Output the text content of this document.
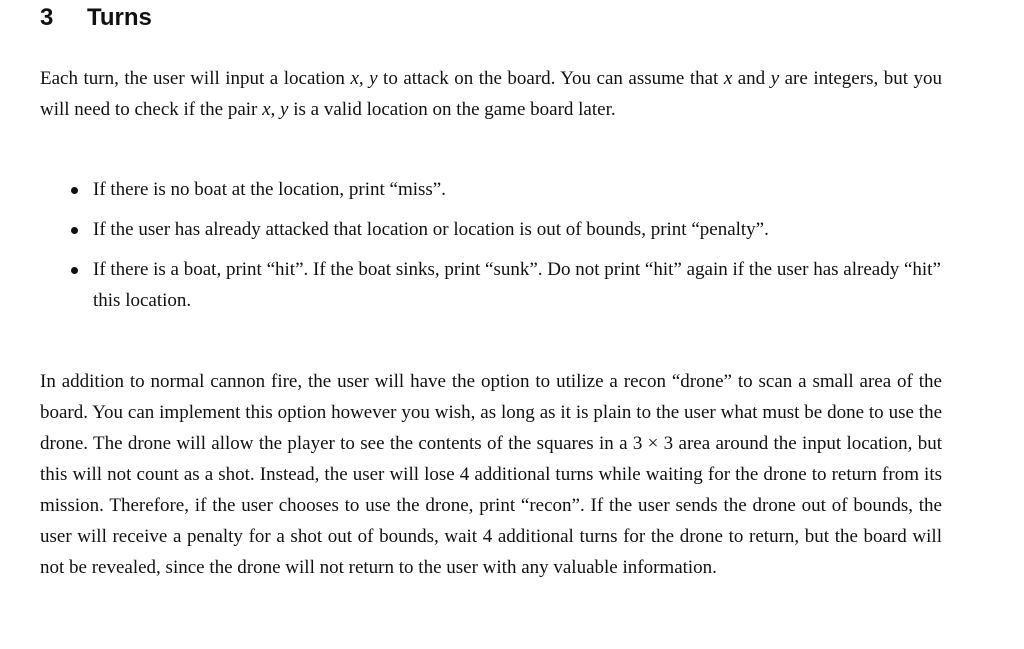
3 Turns

Each turn, the user will input a location x, y to attack on the board. You can assume that x and y are integers, but you will need to check if the pair x, y is a valid location on the game board later.

If there is no boat at the location, print “miss”.
If the user has already attacked that location or location is out of bounds, print “penalty”.
If there is a boat, print “hit”. If the boat sinks, print “sunk”. Do not print “hit” again if the user has already “hit” this location.

In addition to normal cannon fire, the user will have the option to utilize a recon “drone” to scan a small area of the board. You can implement this option however you wish, as long as it is plain to the user what must be done to use the drone. The drone will allow the player to see the contents of the squares in a 3 × 3 area around the input location, but this will not count as a shot. Instead, the user will lose 4 additional turns while waiting for the drone to return from its mission. Therefore, if the user chooses to use the drone, print “recon”. If the user sends the drone out of bounds, the user will receive a penalty for a shot out of bounds, wait 4 additional turns for the drone to return, but the board will not be revealed, since the drone will not return to the user with any valuable information.
